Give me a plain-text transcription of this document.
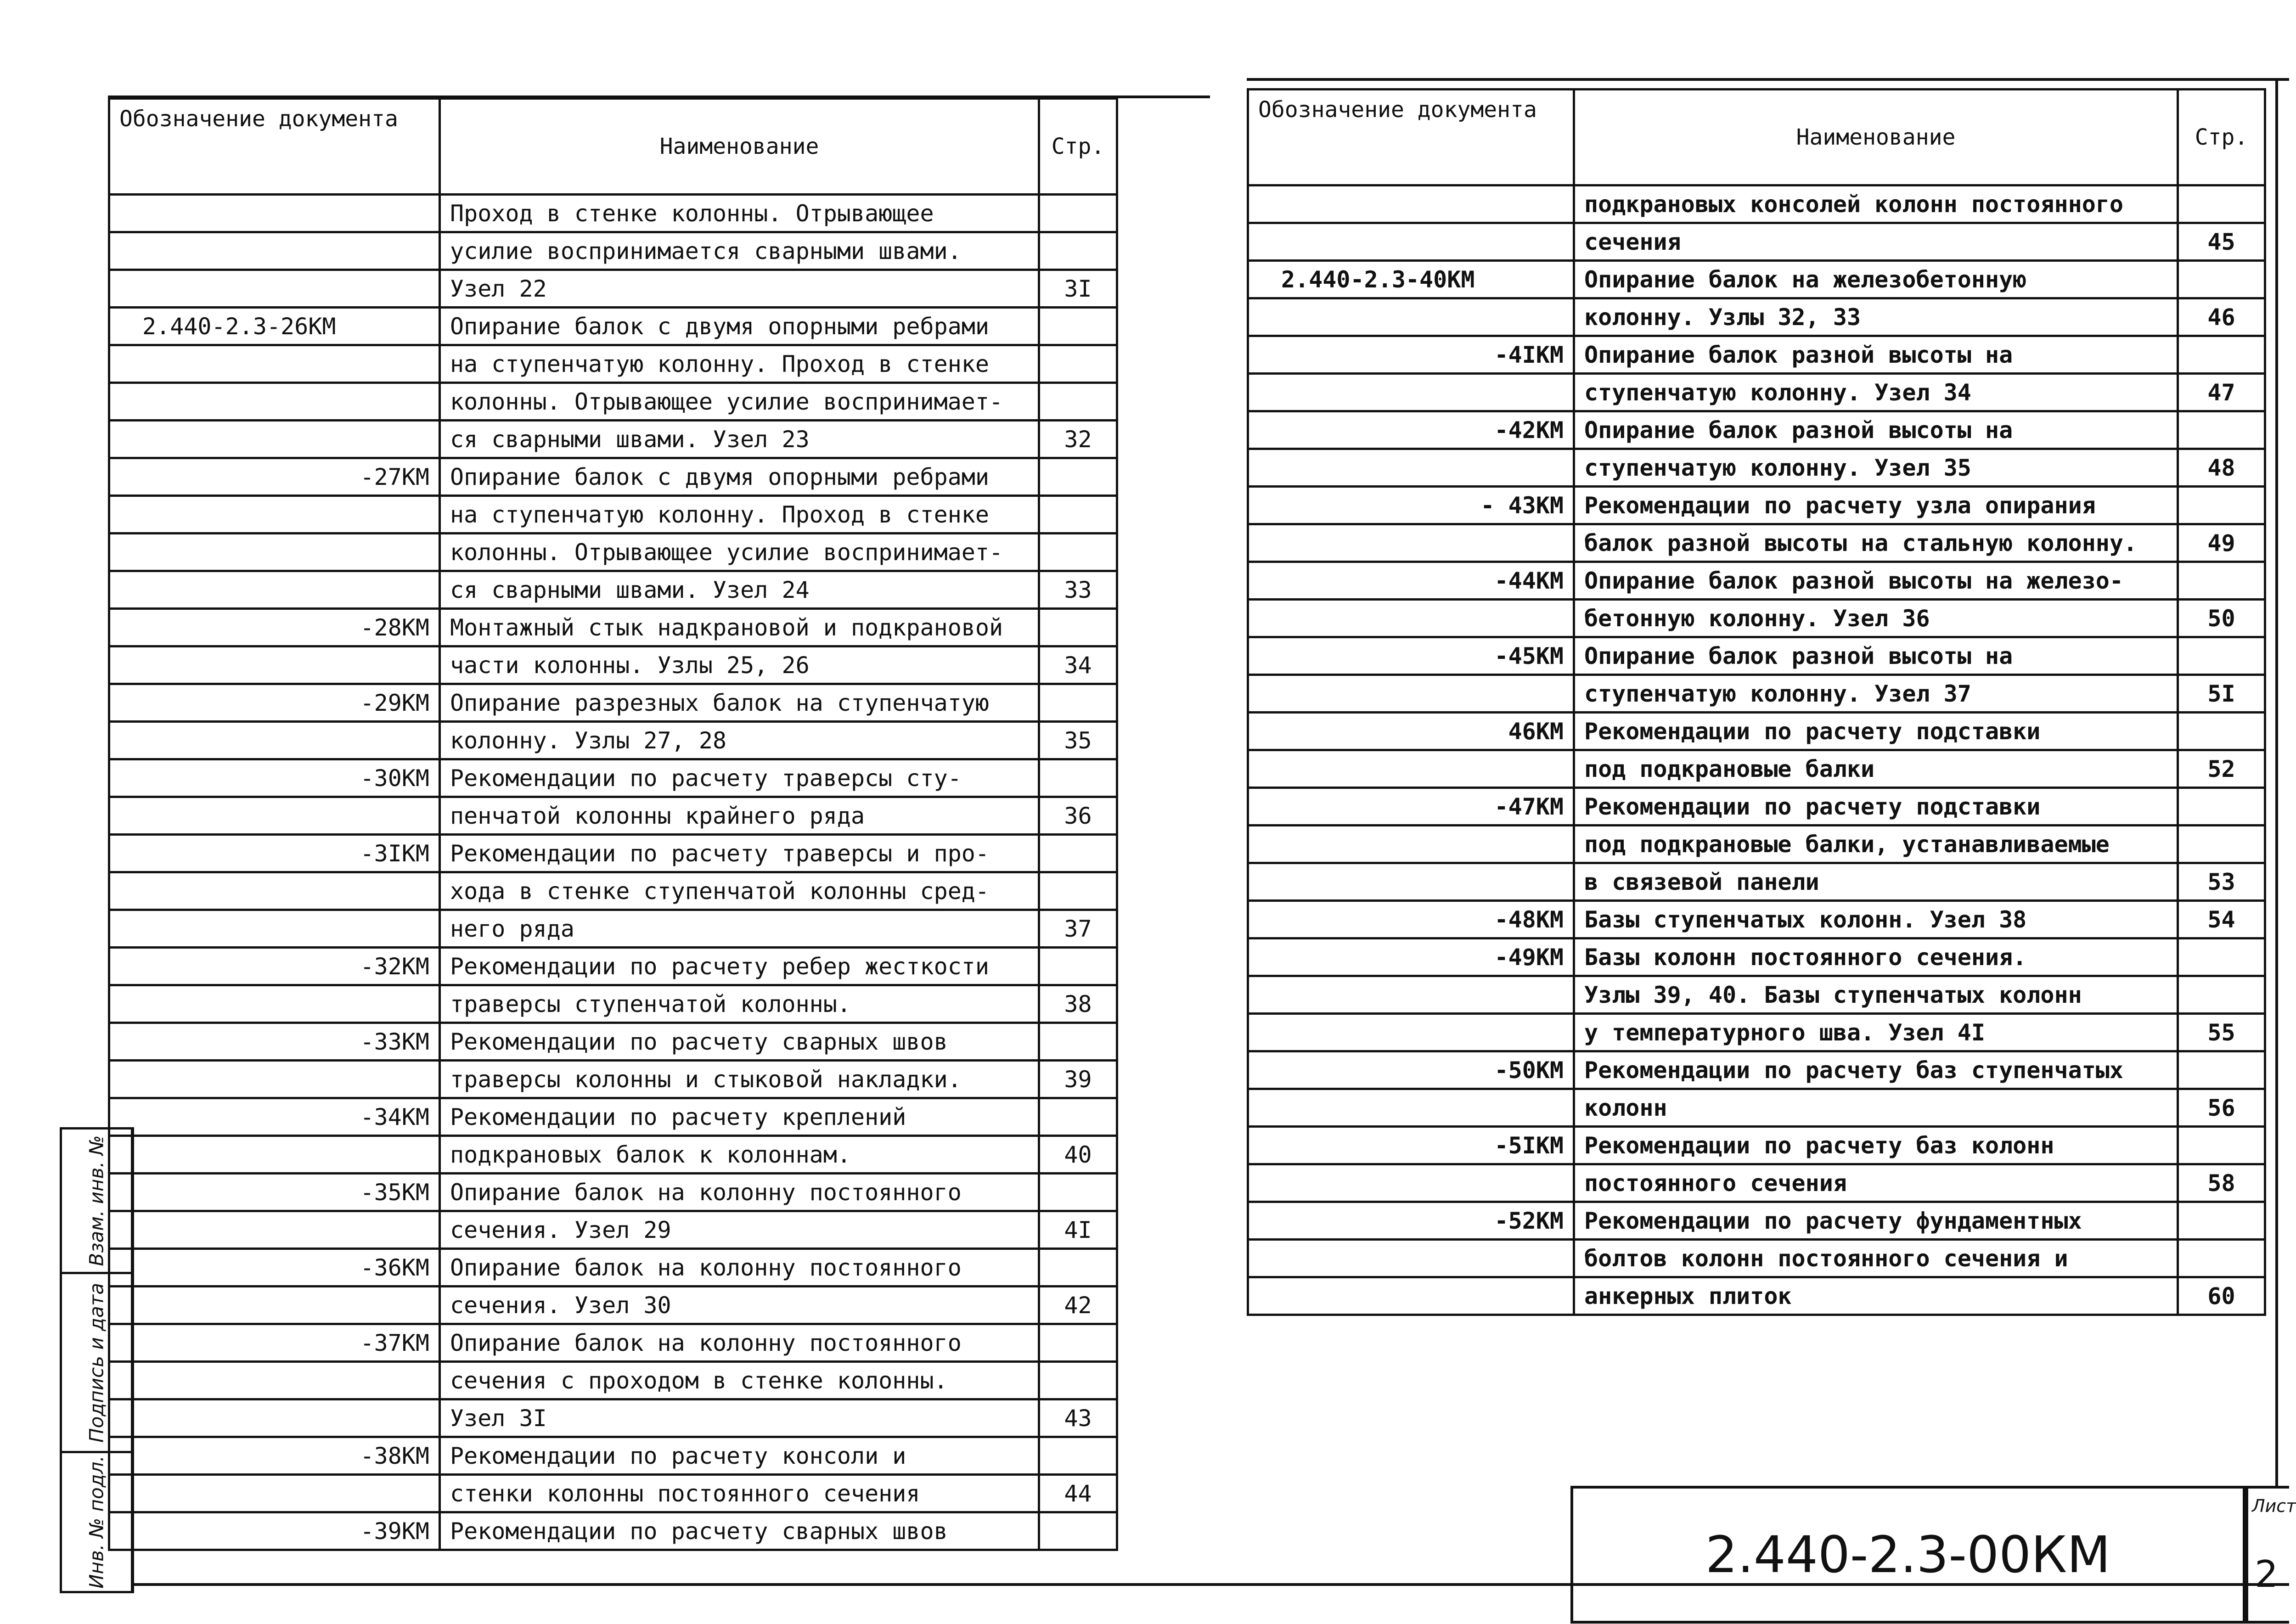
Обозначение документа	Наименование	Стр.
	Проход в стенке колонны. Отрывающее	
	усилие воспринимается сварными швами.	
	Узел 22	3I
2.440-2.3-26КМ	Опирание балок с двумя опорными ребрами	
	на ступенчатую колонну. Проход в стенке	
	колонны. Отрывающее усилие воспринимает-	
	ся сварными швами. Узел 23	32
-27КМ	Опирание балок с двумя опорными ребрами	
	на ступенчатую колонну. Проход в стенке	
	колонны. Отрывающее усилие воспринимает-	
	ся сварными швами. Узел 24	33
-28КМ	Монтажный стык надкрановой и подкрановой	
	части колонны. Узлы 25, 26	34
-29КМ	Опирание разрезных балок на ступенчатую	
	колонну. Узлы 27, 28	35
-30КМ	Рекомендации по расчету траверсы сту-	
	пенчатой колонны крайнего ряда	36
-3IКМ	Рекомендации по расчету траверсы и про-	
	хода в стенке ступенчатой колонны сред-	
	него ряда	37
-32КМ	Рекомендации по расчету ребер жесткости	
	траверсы ступенчатой колонны.	38
-33КМ	Рекомендации по расчету сварных швов	
	траверсы колонны и стыковой накладки.	39
-34КМ	Рекомендации по расчету креплений	
	подкрановых балок к колоннам.	40
-35КМ	Опирание балок на колонну постоянного	
	сечения. Узел 29	4I
-36КМ	Опирание балок на колонну постоянного	
	сечения. Узел 30	42
-37КМ	Опирание балок на колонну постоянного	
	сечения с проходом в стенке колонны.	
	Узел 3I	43
-38КМ	Рекомендации по расчету консоли и	
	стенки колонны постоянного сечения	44
-39КМ	Рекомендации по расчету сварных швов	
Обозначение документа	Наименование	Стр.
	подкрановых консолей колонн постоянного	
	сечения	45
2.440-2.3-40КМ	Опирание балок на железобетонную	
	колонну. Узлы 32, 33	46
-4IКМ	Опирание балок разной высоты на	
	ступенчатую колонну. Узел 34	47
-42КМ	Опирание балок разной высоты на	
	ступенчатую колонну. Узел 35	48
- 43КМ	Рекомендации по расчету узла опирания	
	балок разной высоты на стальную колонну.	49
-44КМ	Опирание балок разной высоты на железо-	
	бетонную колонну. Узел 36	50
-45КМ	Опирание балок разной высоты на	
	ступенчатую колонну. Узел 37	5I
46КМ	Рекомендации по расчету подставки	
	под подкрановые балки	52
-47КМ	Рекомендации по расчету подставки	
	под подкрановые балки, устанавливаемые	
	в связевой панели	53
-48КМ	Базы ступенчатых колонн. Узел 38	54
-49КМ	Базы колонн постоянного сечения.	
	Узлы 39, 40. Базы ступенчатых колонн	
	у температурного шва. Узел 4I	55
-50КМ	Рекомендации по расчету баз ступенчатых	
	колонн	56
-5IКМ	Рекомендации по расчету баз колонн	
	постоянного сечения	58
-52КМ	Рекомендации по расчету фундаментных	
	болтов колонн постоянного сечения и	
	анкерных плиток	60
Взам. инв. №
Подпись и дата
Инв. № подл.	2.440-2.3-00КМ
Лист
2
